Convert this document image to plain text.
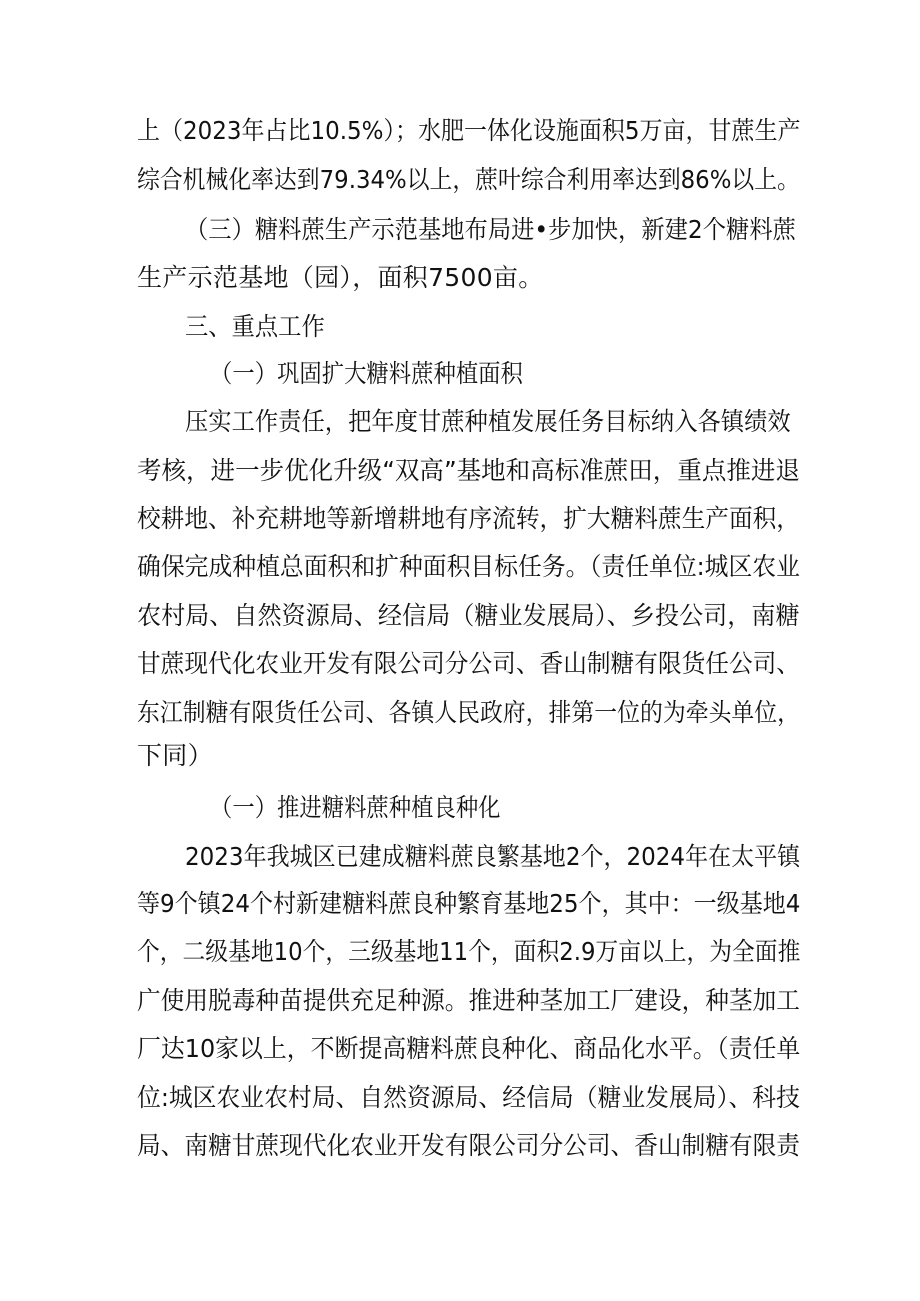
上（2023年占比10.5%）；水肥一体化设施面积5万亩，甘蔗生产
综合机械化率达到79.34%以上，蔗叶综合利用率达到86%以上。
（三）糖料蔗生产示范基地布局进•步加快，新建2个糖料蔗
生产示范基地（园），面积7500亩。
三、重点工作
（一）巩固扩大糖料蔗种植面积
压实工作责任，把年度甘蔗种植发展任务目标纳入各镇绩效
考核，进一步优化升级“双高”基地和高标准蔗田，重点推进退
校耕地、补充耕地等新增耕地有序流转，扩大糖料蔗生产面积，
确保完成种植总面积和扩种面积目标任务。（责任单位:城区农业
农村局、自然资源局、经信局（糖业发展局）、乡投公司，南糖
甘蔗现代化农业开发有限公司分公司、香山制糖有限货任公司、
东江制糖有限货任公司、各镇人民政府，排第一位的为牵头单位，
下同）
（一）推进糖料蔗种植良种化
2023年我城区已建成糖料蔗良繁基地2个，2024年在太平镇
等9个镇24个村新建糖料蔗良种繁育基地25个，其中：一级基地4
个，二级基地10个，三级基地11个，面积2.9万亩以上，为全面推
广使用脱毒种苗提供充足种源。推进种茎加工厂建设，种茎加工
厂达10家以上，不断提高糖料蔗良种化、商品化水平。（责任单
位:城区农业农村局、自然资源局、经信局（糖业发展局）、科技
局、南糖甘蔗现代化农业开发有限公司分公司、香山制糖有限责
